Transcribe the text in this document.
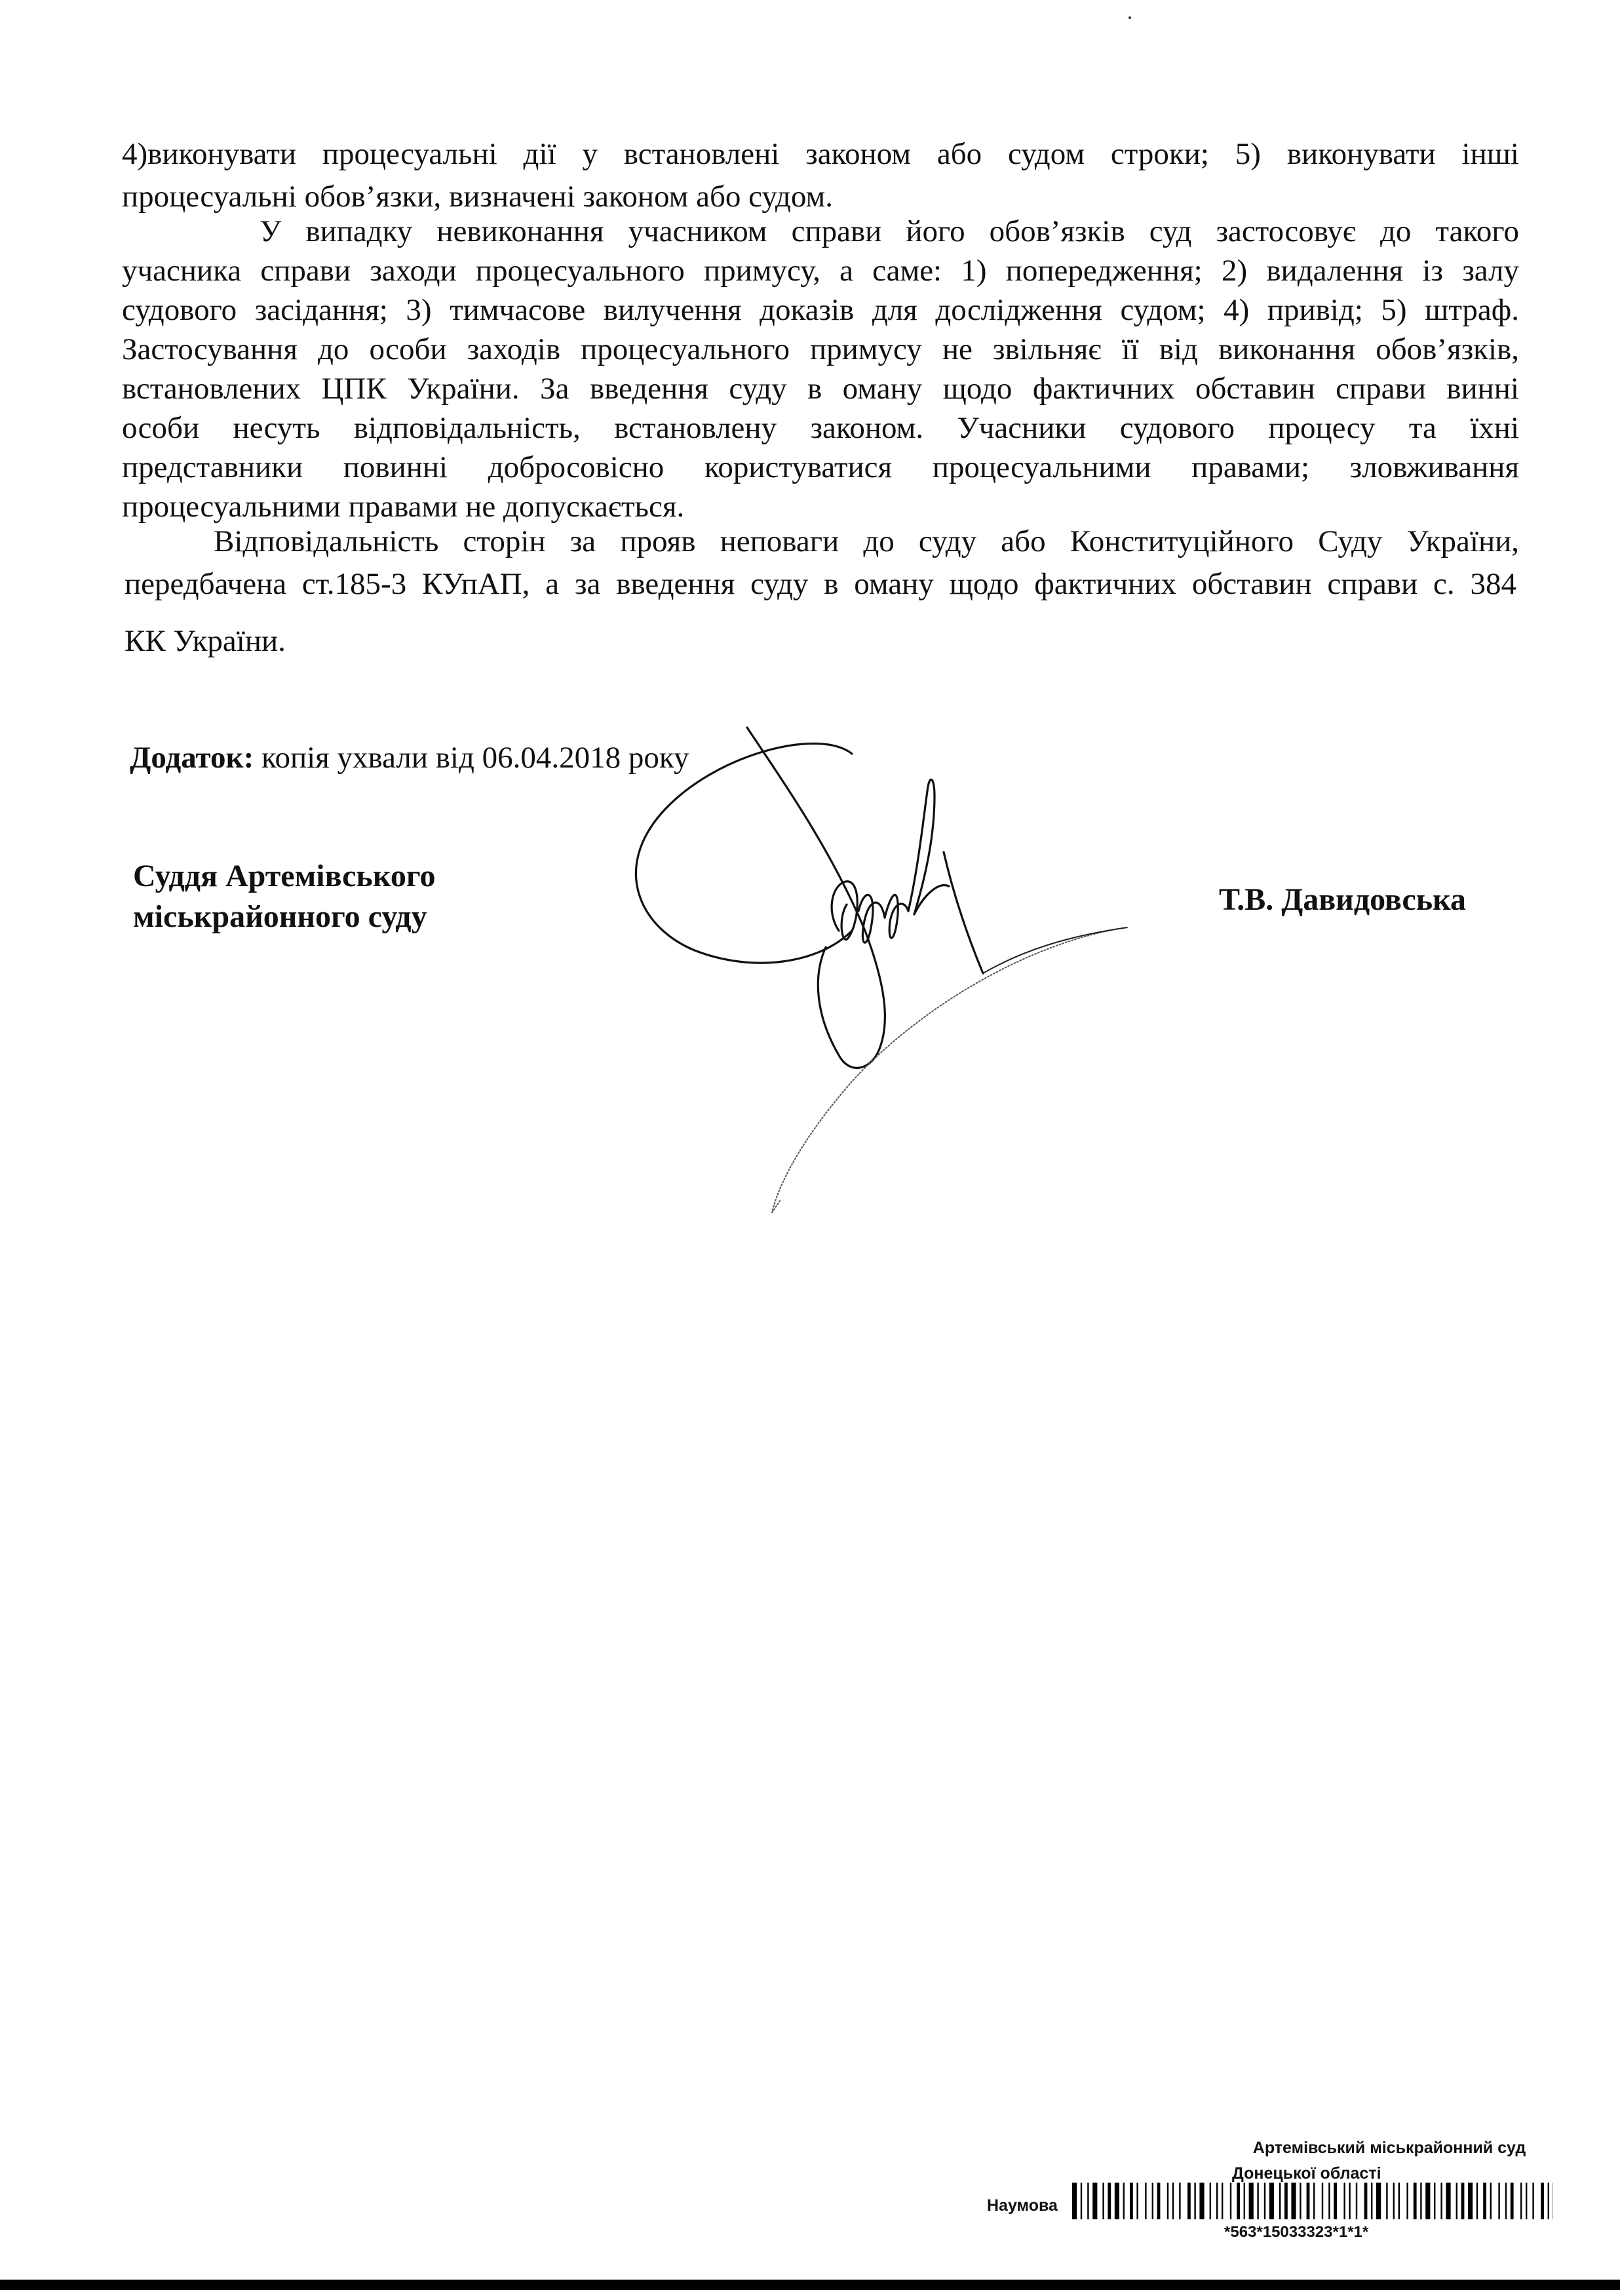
4)виконувати процесуальні дії у встановлені законом або судом строки; 5) виконувати інші
процесуальні обов’язки, визначені законом або судом.
У випадку невиконання учасником справи його обов’язків суд застосовує до такого
учасника справи заходи процесуального примусу, а саме: 1) попередження; 2) видалення із залу
судового засідання; 3) тимчасове вилучення доказів для дослідження судом; 4) привід; 5) штраф.
Застосування до особи заходів процесуального примусу не звільняє її від виконання обов’язків,
встановлених ЦПК України. За введення суду в оману щодо фактичних обставин справи винні
особи несуть відповідальність, встановлену законом. Учасники судового процесу та їхні
представники повинні добросовісно користуватися процесуальними правами; зловживання
процесуальними правами не допускається.
Відповідальність сторін за прояв неповаги до суду або Конституційного Суду України,
передбачена ст.185-3 КУпАП, а за введення суду в оману щодо фактичних обставин справи с. 384
КК України.
Додаток: копія ухвали від 06.04.2018 року
Суддя Артемівського
міськрайонного суду	Т.В. Давидовська
Артемівський міськрайонний суд
Донецької області
Наумова
*563*15033323*1*1*
